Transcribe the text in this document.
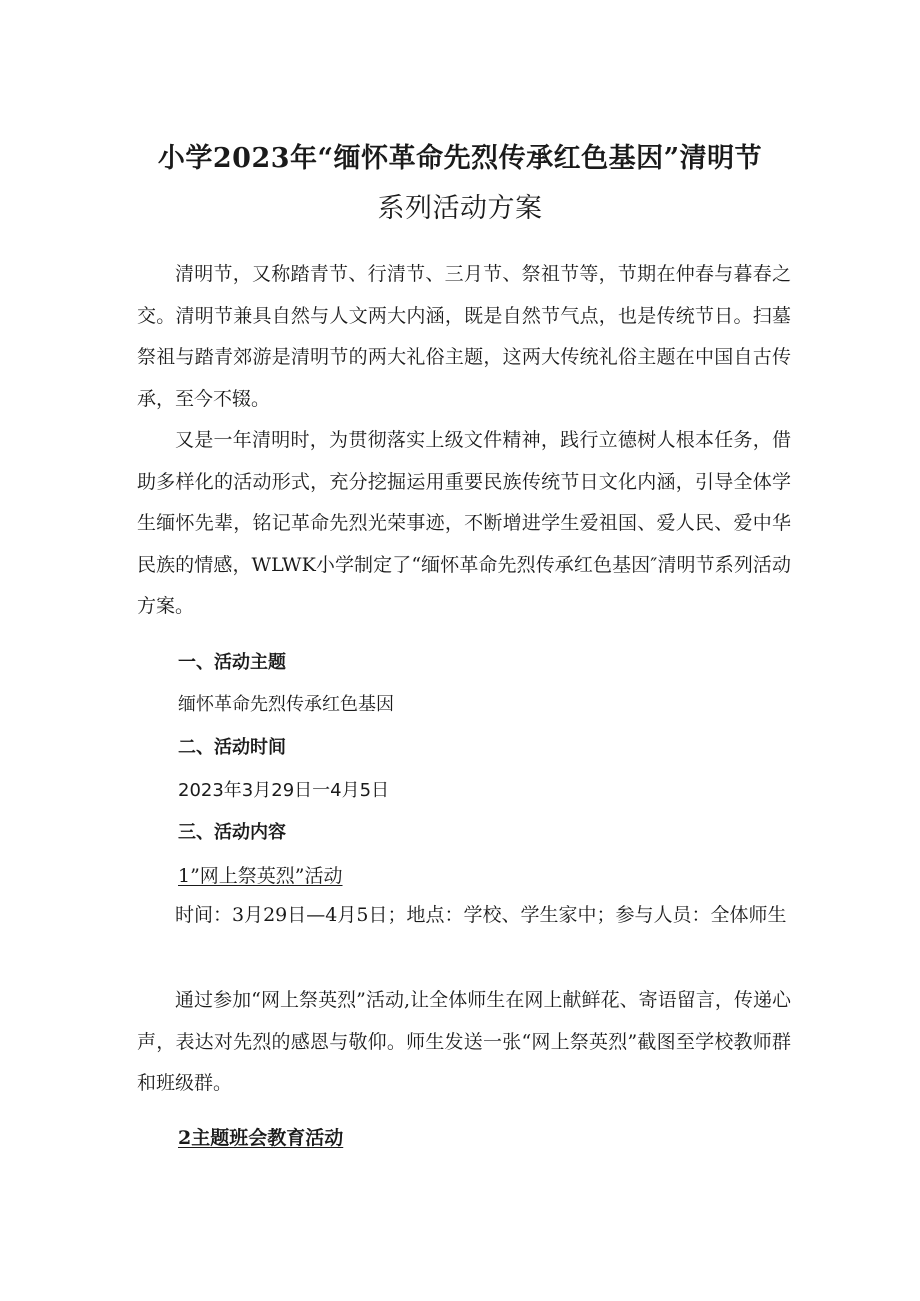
小学2023年“缅怀革命先烈传承红色基因”清明节
系列活动方案

清明节，又称踏青节、行清节、三月节、祭祖节等，节期在仲春与暮春之交。清明节兼具自然与人文两大内涵，既是自然节气点，也是传统节日。扫墓祭祖与踏青郊游是清明节的两大礼俗主题，这两大传统礼俗主题在中国自古传承，至今不辍。

又是一年清明时，为贯彻落实上级文件精神，践行立德树人根本任务，借助多样化的活动形式，充分挖掘运用重要民族传统节日文化内涵，引导全体学生缅怀先辈，铭记革命先烈光荣事迹，不断增进学生爱祖国、爱人民、爱中华民族的情感，WLWK小学制定了“缅怀革命先烈传承红色基因″清明节系列活动方案。

一、活动主题

缅怀革命先烈传承红色基因

二、活动时间

2023年3月29日一4月5日

三、活动内容

1”网上祭英烈”活动

时间：3月29日—4月5日；地点：学校、学生家中；参与人员：全体师生

通过参加“网上祭英烈”活动,让全体师生在网上献鲜花、寄语留言，传递心声，表达对先烈的感恩与敬仰。师生发送一张“网上祭英烈”截图至学校教师群和班级群。

2主题班会教育活动
